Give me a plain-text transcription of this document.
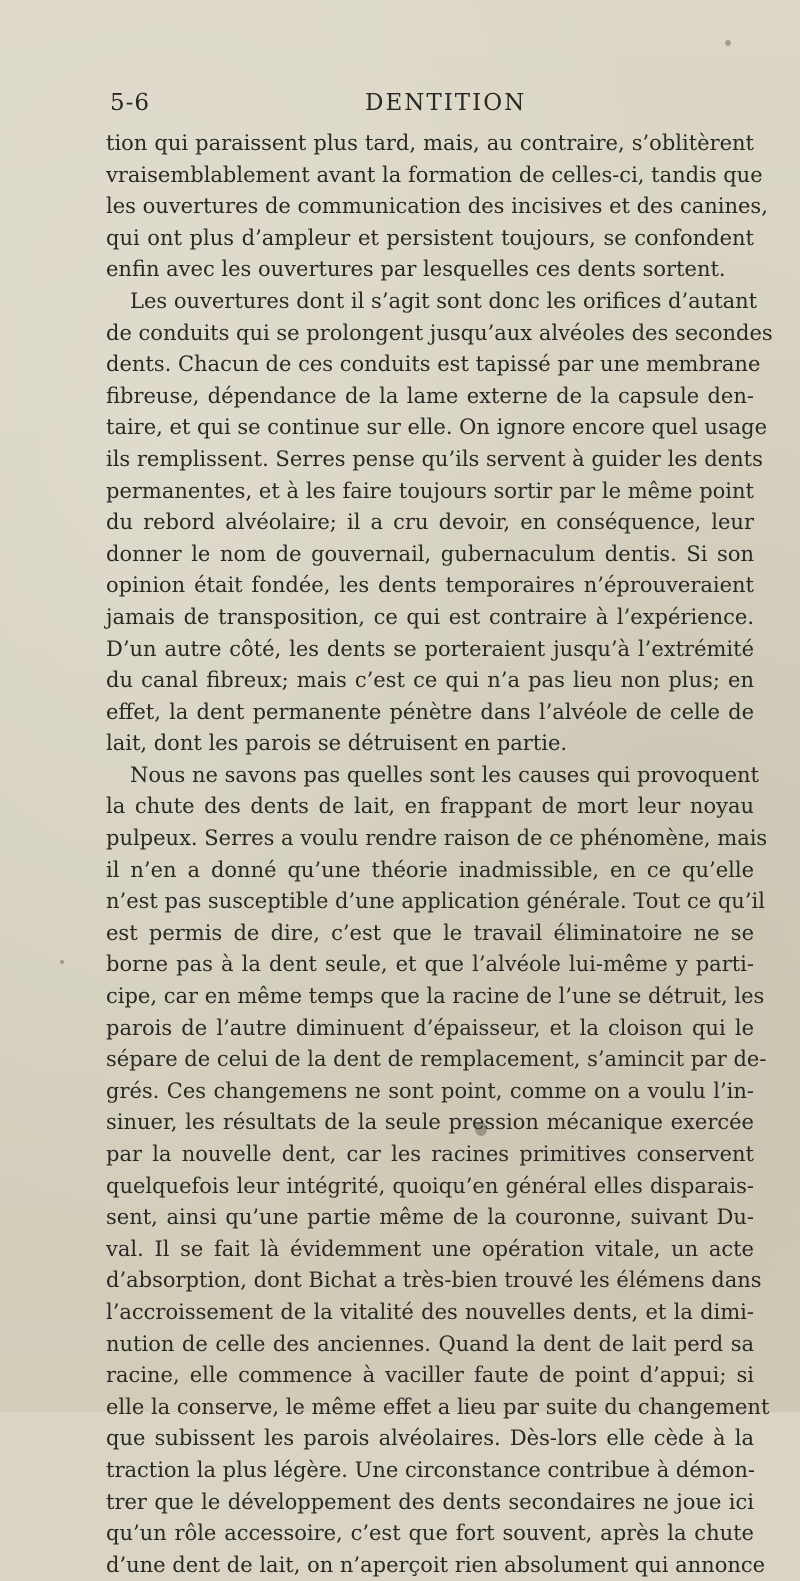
5-6	DENTITION
tion qui paraissent plus tard, mais, au contraire, s’oblitèrent
vraisemblablement avant la formation de celles-ci, tandis que
les ouvertures de communication des incisives et des canines,
qui ont plus d’ampleur et persistent toujours, se confondent
enfin avec les ouvertures par lesquelles ces dents sortent.
Les ouvertures dont il s’agit sont donc les orifices d’autant
de conduits qui se prolongent jusqu’aux alvéoles des secondes
dents. Chacun de ces conduits est tapissé par une membrane
fibreuse, dépendance de la lame externe de la capsule den-
taire, et qui se continue sur elle. On ignore encore quel usage
ils remplissent. Serres pense qu’ils servent à guider les dents
permanentes, et à les faire toujours sortir par le même point
du rebord alvéolaire; il a cru devoir, en conséquence, leur
donner le nom de gouvernail, gubernaculum dentis. Si son
opinion était fondée, les dents temporaires n’éprouveraient
jamais de transposition, ce qui est contraire à l’expérience.
D’un autre côté, les dents se porteraient jusqu’à l’extrémité
du canal fibreux; mais c’est ce qui n’a pas lieu non plus; en
effet, la dent permanente pénètre dans l’alvéole de celle de
lait, dont les parois se détruisent en partie.
Nous ne savons pas quelles sont les causes qui provoquent
la chute des dents de lait, en frappant de mort leur noyau
pulpeux. Serres a voulu rendre raison de ce phénomène, mais
il n’en a donné qu’une théorie inadmissible, en ce qu’elle
n’est pas susceptible d’une application générale. Tout ce qu’il
est permis de dire, c’est que le travail éliminatoire ne se
borne pas à la dent seule, et que l’alvéole lui-même y parti-
cipe, car en même temps que la racine de l’une se détruit, les
parois de l’autre diminuent d’épaisseur, et la cloison qui le
sépare de celui de la dent de remplacement, s’amincit par de-
grés. Ces changemens ne sont point, comme on a voulu l’in-
sinuer, les résultats de la seule pression mécanique exercée
par la nouvelle dent, car les racines primitives conservent
quelquefois leur intégrité, quoiqu’en général elles disparais-
sent, ainsi qu’une partie même de la couronne, suivant Du-
val. Il se fait là évidemment une opération vitale, un acte
d’absorption, dont Bichat a très-bien trouvé les élémens dans
l’accroissement de la vitalité des nouvelles dents, et la dimi-
nution de celle des anciennes. Quand la dent de lait perd sa
racine, elle commence à vaciller faute de point d’appui; si
elle la conserve, le même effet a lieu par suite du changement
que subissent les parois alvéolaires. Dès-lors elle cède à la
traction la plus légère. Une circonstance contribue à démon-
trer que le développement des dents secondaires ne joue ici
qu’un rôle accessoire, c’est que fort souvent, après la chute
d’une dent de lait, on n’aperçoit rien absolument qui annonce
